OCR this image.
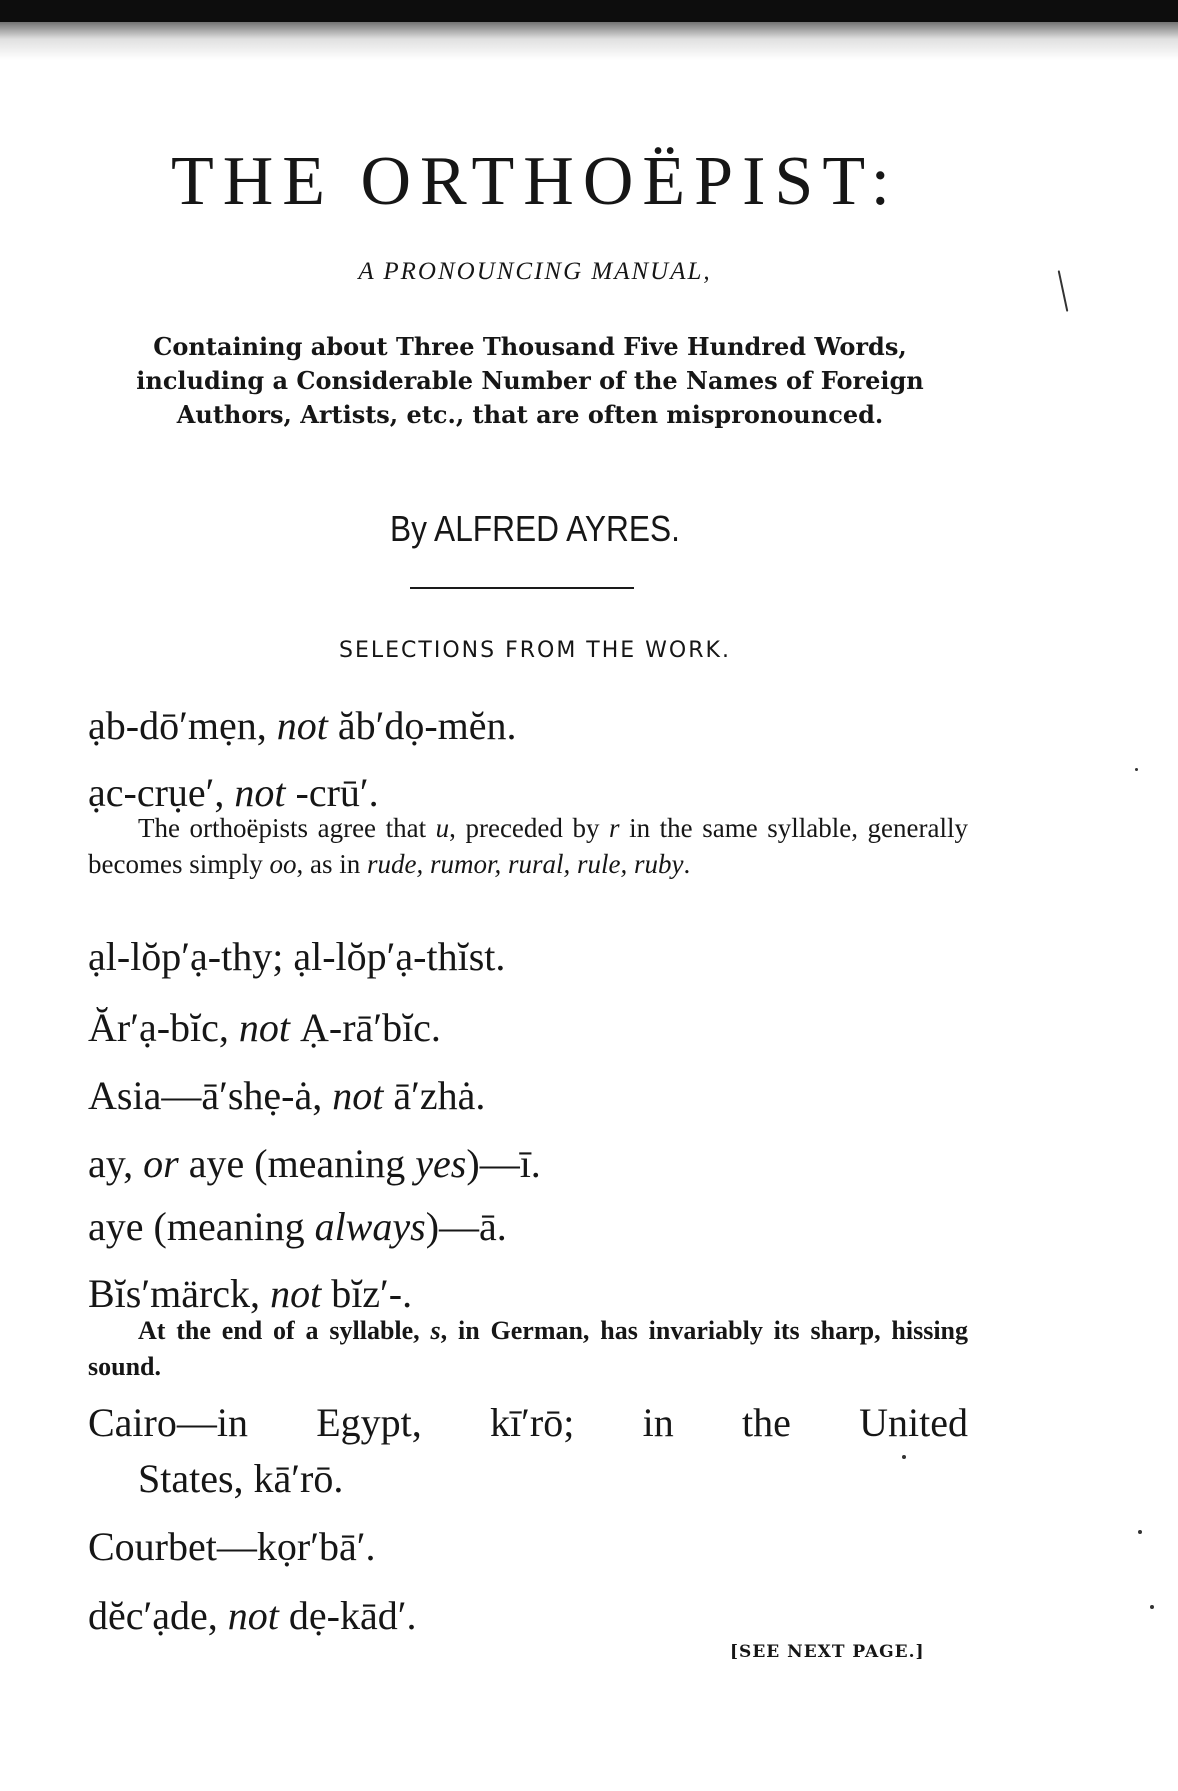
THE ORTHOËPIST:
A PRONOUNCING MANUAL,
Containing about Three Thousand Five Hundred Words, including a Considerable Number of the Names of Foreign Authors, Artists, etc., that are often mispronounced.
By ALFRED AYRES.
SELECTIONS FROM THE WORK.
ạb-dō′mẹn, not ăb′dọ-mĕn.
ạc-crụe′, not -crū′.
The orthoëpists agree that u, preceded by r in the same syllable, generally becomes simply oo, as in rude, rumor, rural, rule, ruby.
ạl-lŏp′ạ-thy; ạl-lŏp′ạ-thĭst.
Ăr′ạ-bĭc, not Ạ-rā′bĭc.
Asia—ā′shẹ-ȧ, not ā′zhȧ.
ay, or aye (meaning yes)—ī.
aye (meaning always)—ā.
Bĭs′märck, not bĭz′-.
At the end of a syllable, s, in German, has invariably its sharp, hissing sound.
Cairo—in Egypt, kī′rō; in the United
States, kā′rō.
Courbet—kọr′bā′.
dĕc′ạde, not dẹ-kād′.
[SEE NEXT PAGE.]
